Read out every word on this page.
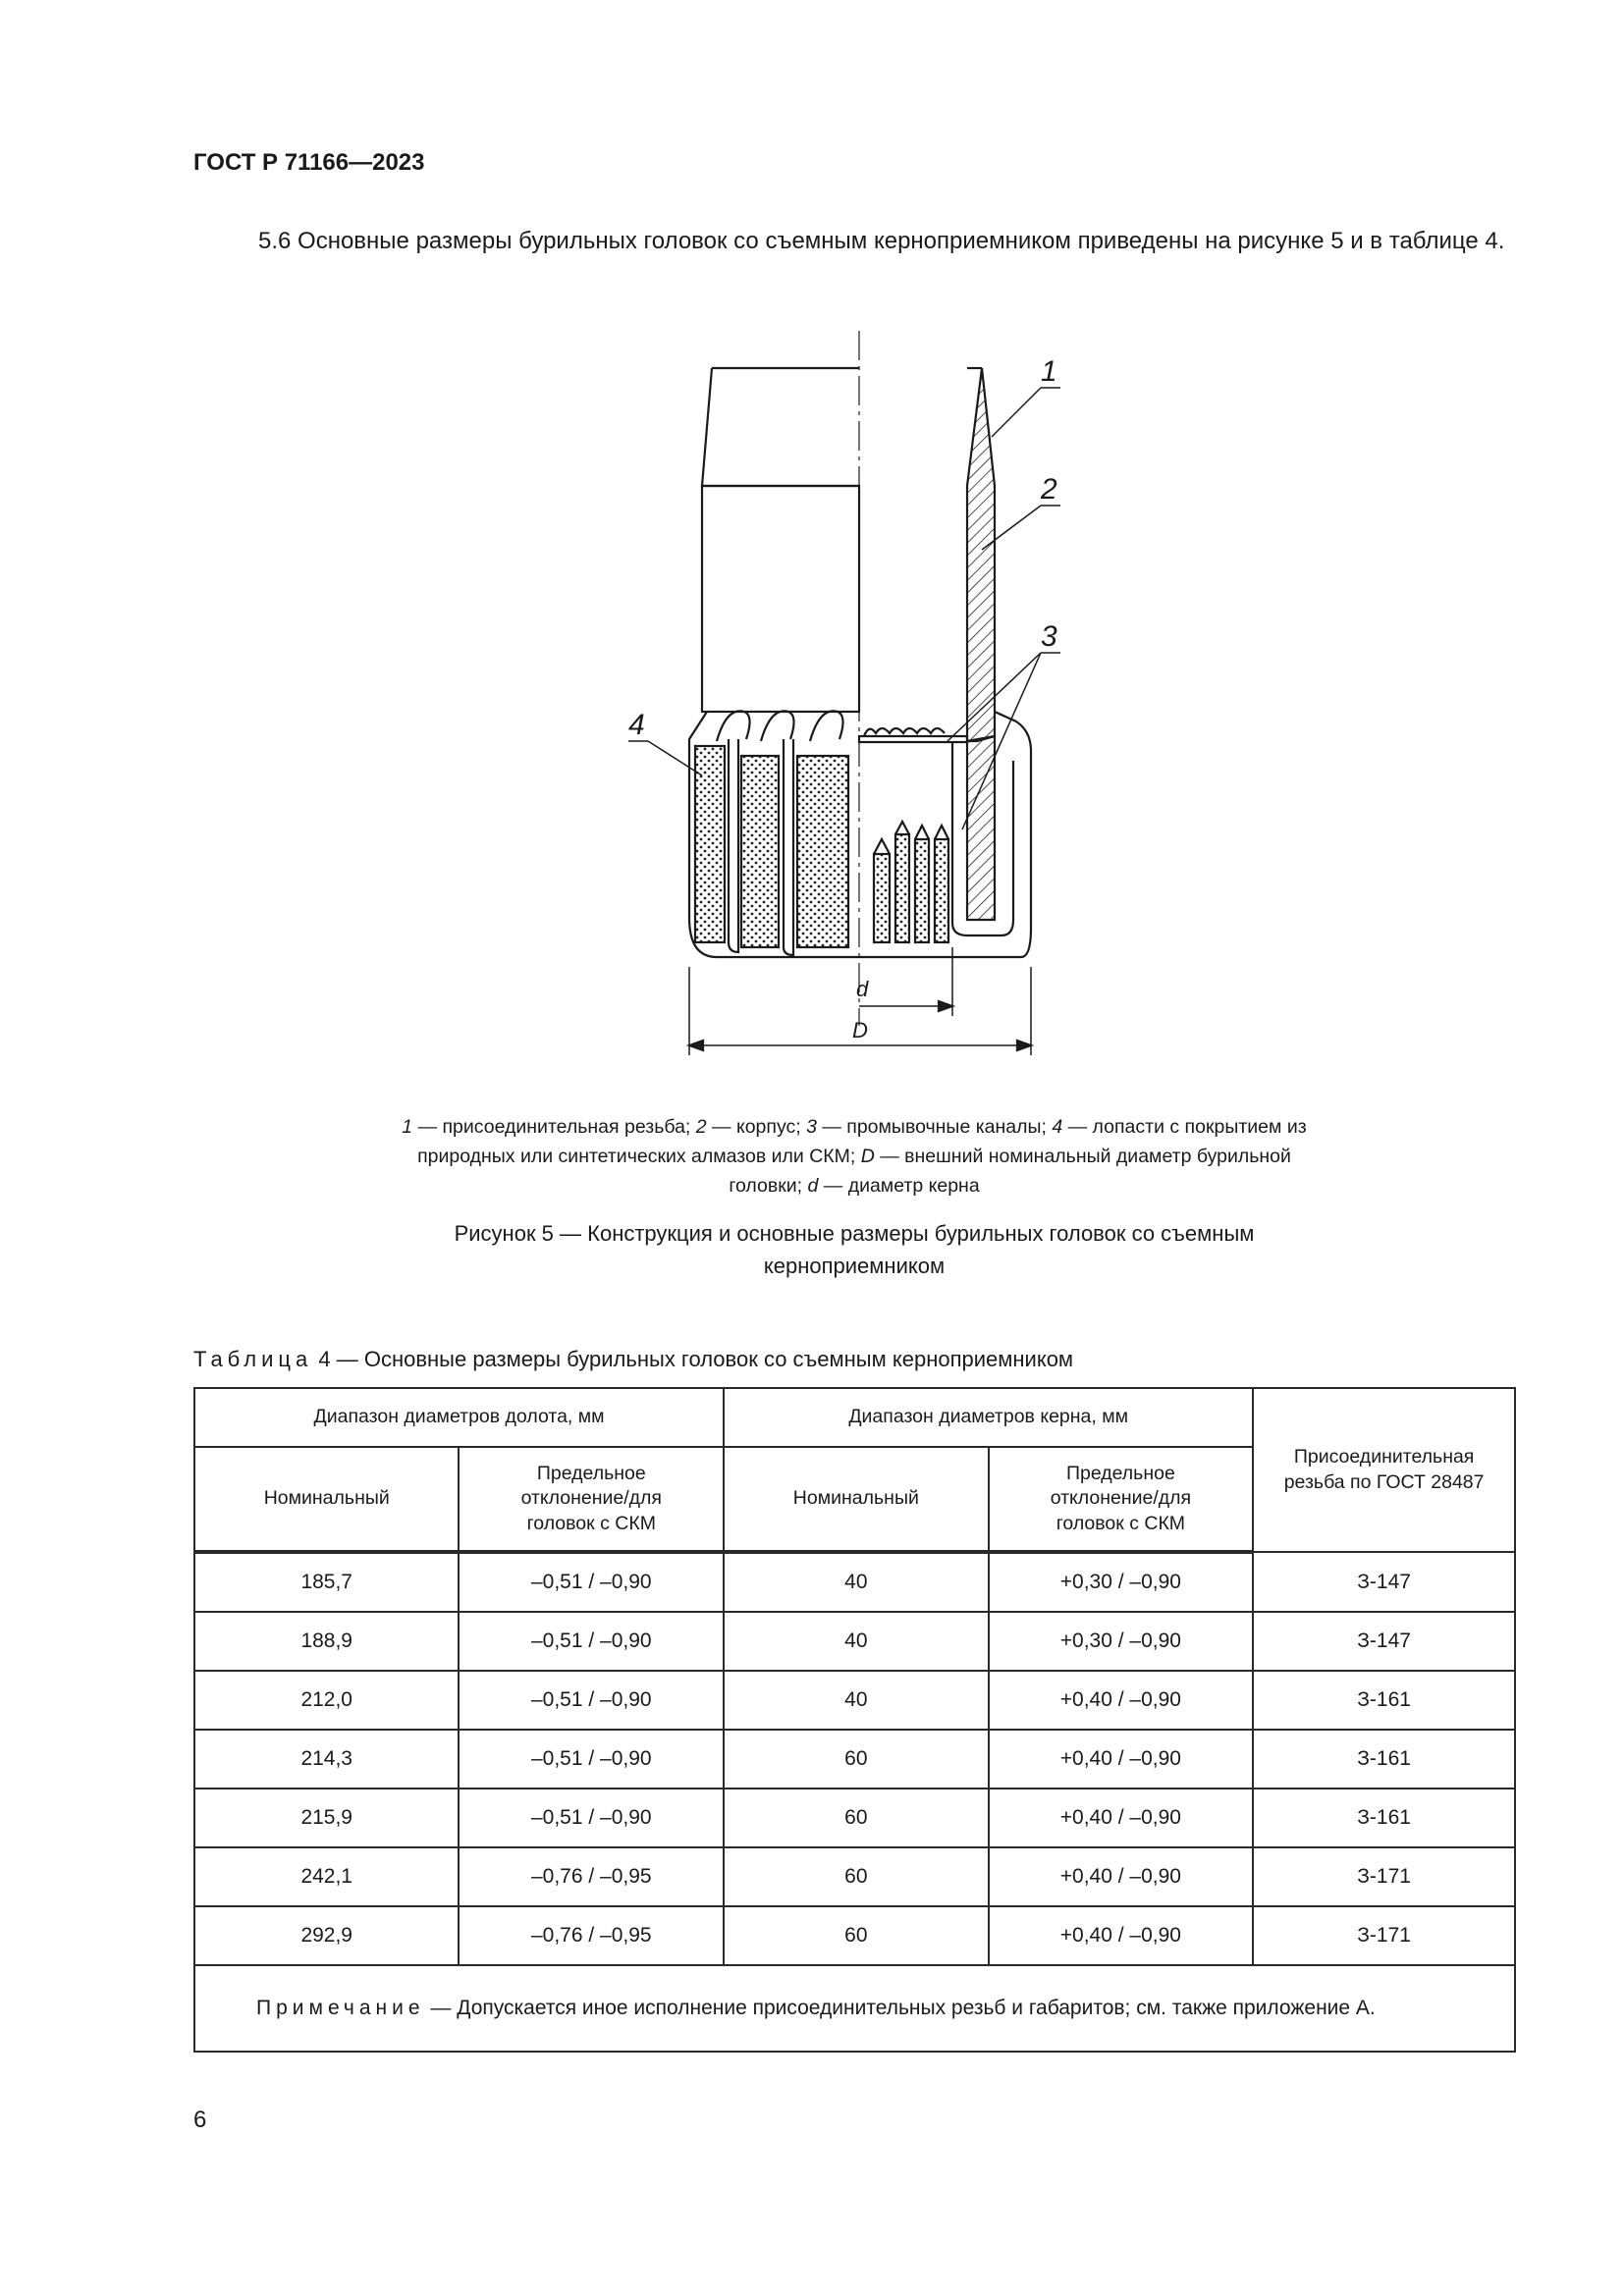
ГОСТ Р 71166—2023
5.6 Основные размеры бурильных головок со съемным кернoприемником приведены на рисунке 5 и в таблице 4.
1
2
3
4
d
D
1 — присоединительная резьба; 2 — корпус; 3 — промывочные каналы; 4 — лопасти с покрытием из природных или синтетических алмазов или СКМ; D — внешний номинальный диаметр бурильной головки; d — диаметр керна
Рисунок 5 — Конструкция и основные размеры бурильных головок со съемным
керноприемником
Таблица 4 — Основные размеры бурильных головок со съемным керноприемником
Диапазон диаметров долота, мм		Диапазон диаметров керна, мм		Присоединительная резьба по ГОСТ 28487
Номинальный	Предельное отклонение/для головок с СКМ	Номинальный	Предельное отклонение/для головок с СКМ	
185,7	–0,51 / –0,90	40	+0,30 / –0,90	З-147
188,9	–0,51 / –0,90	40	+0,30 / –0,90	З-147
212,0	–0,51 / –0,90	40	+0,40 / –0,90	З-161
214,3	–0,51 / –0,90	60	+0,40 / –0,90	З-161
215,9	–0,51 / –0,90	60	+0,40 / –0,90	З-161
242,1	–0,76 / –0,95	60	+0,40 / –0,90	З-171
292,9	–0,76 / –0,95	60	+0,40 / –0,90	З-171
Примечание — Допускается иное исполнение присоединительных резьб и габаритов; см. также приложение А.				
6
